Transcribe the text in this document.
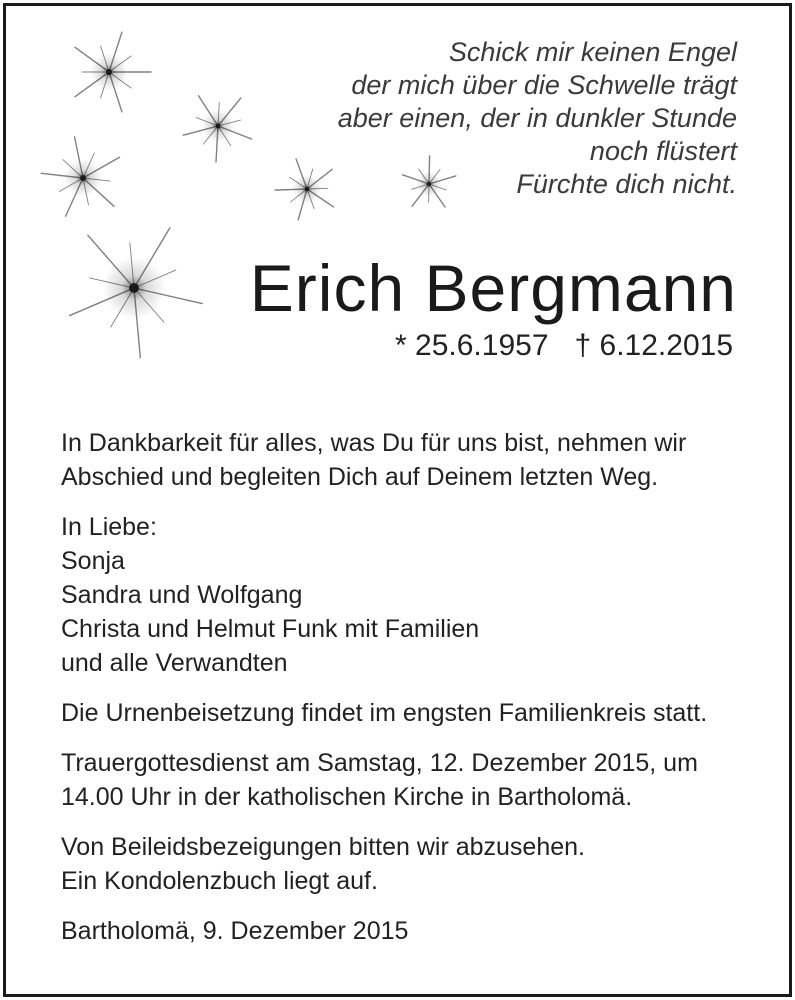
Schick mir keinen Engel
der mich über die Schwelle trägt
aber einen, der in dunkler Stunde
noch flüstert
Fürchte dich nicht.
Erich Bergmann
* 25.6.1957 † 6.12.2015

In Dankbarkeit für alles, was Du für uns bist, nehmen wir
Abschied und begleiten Dich auf Deinem letzten Weg.

In Liebe:
Sonja
Sandra und Wolfgang
Christa und Helmut Funk mit Familien
und alle Verwandten

Die Urnenbeisetzung findet im engsten Familienkreis statt.

Trauergottesdienst am Samstag, 12. Dezember 2015, um
14.00 Uhr in der katholischen Kirche in Bartholomä.

Von Beileidsbezeigungen bitten wir abzusehen.
Ein Kondolenzbuch liegt auf.

Bartholomä, 9. Dezember 2015
